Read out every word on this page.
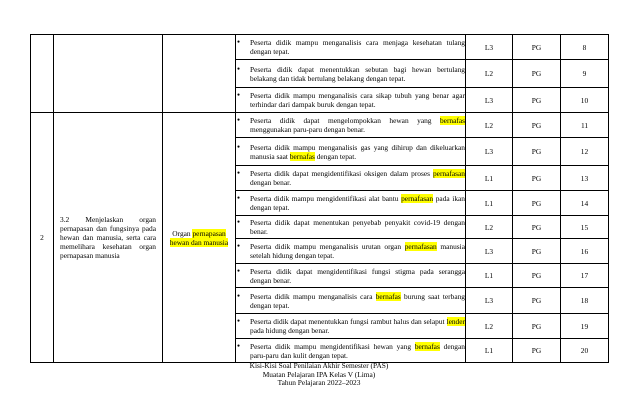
			● Peserta didik mampu menganalisis cara menjaga kesehatan tulang dengan tepat.	L3	PG	8

			● Peserta didik dapat menentukkan sebutan bagi hewan bertulang belakang dan tidak bertulang belakang dengan tepat.	L2	PG	9

			● Peserta didik mampu menganalisis cara sikap tubuh yang benar agar terhindar dari dampak buruk dengan tepat.	L3	PG	10
2	3.2 Menjelaskan organ pernapasan dan fungsinya pada hewan dan manusia, serta cara memelihara kesehatan organ pernapasan manusia	Organ pernapasan hewan dan manusia	● Peserta didik dapat mengelompokkan hewan yang bernafas menggunakan paru-paru dengan benar.	L2	PG	11

			● Peserta didik mampu menganalisis gas yang dihirup dan dikeluarkan manusia saat bernafas dengan tepat.	L3	PG	12

			● Peserta didik dapat mengidentifikasi oksigen dalam proses pernafasan dengan benar.	L1	PG	13

			● Peserta didik mampu mengidentifikasi alat bantu pernafasan pada ikan dengan tepat.	L1	PG	14

			● Peserta didik dapat menentukan penyebab penyakit covid-19 dengan benar.	L2	PG	15

			● Peserta didik mampu menganalisis urutan organ pernafasan manusia setelah hidung dengan tepat.	L3	PG	16

			● Peserta didik dapat mengidentifikasi fungsi stigma pada serangga dengan benar.	L1	PG	17

			● Peserta didik mampu menganalisis cara bernafas burung saat terbang dengan tepat.	L3	PG	18

			● Peserta didik dapat menentukkan fungsi rambut halus dan selaput lender pada hidung dengan benar.	L2	PG	19

			● Peserta didik mampu mengidentifikasi hewan yang bernafas dengan paru-paru dan kulit dengan tepat.	L1	PG	20
Kisi-Kisi Soal Penilaian Akhir Semester (PAS)
Muatan Pelajaran IPA Kelas V (Lima)
Tahun Pelajaran 2022–2023
